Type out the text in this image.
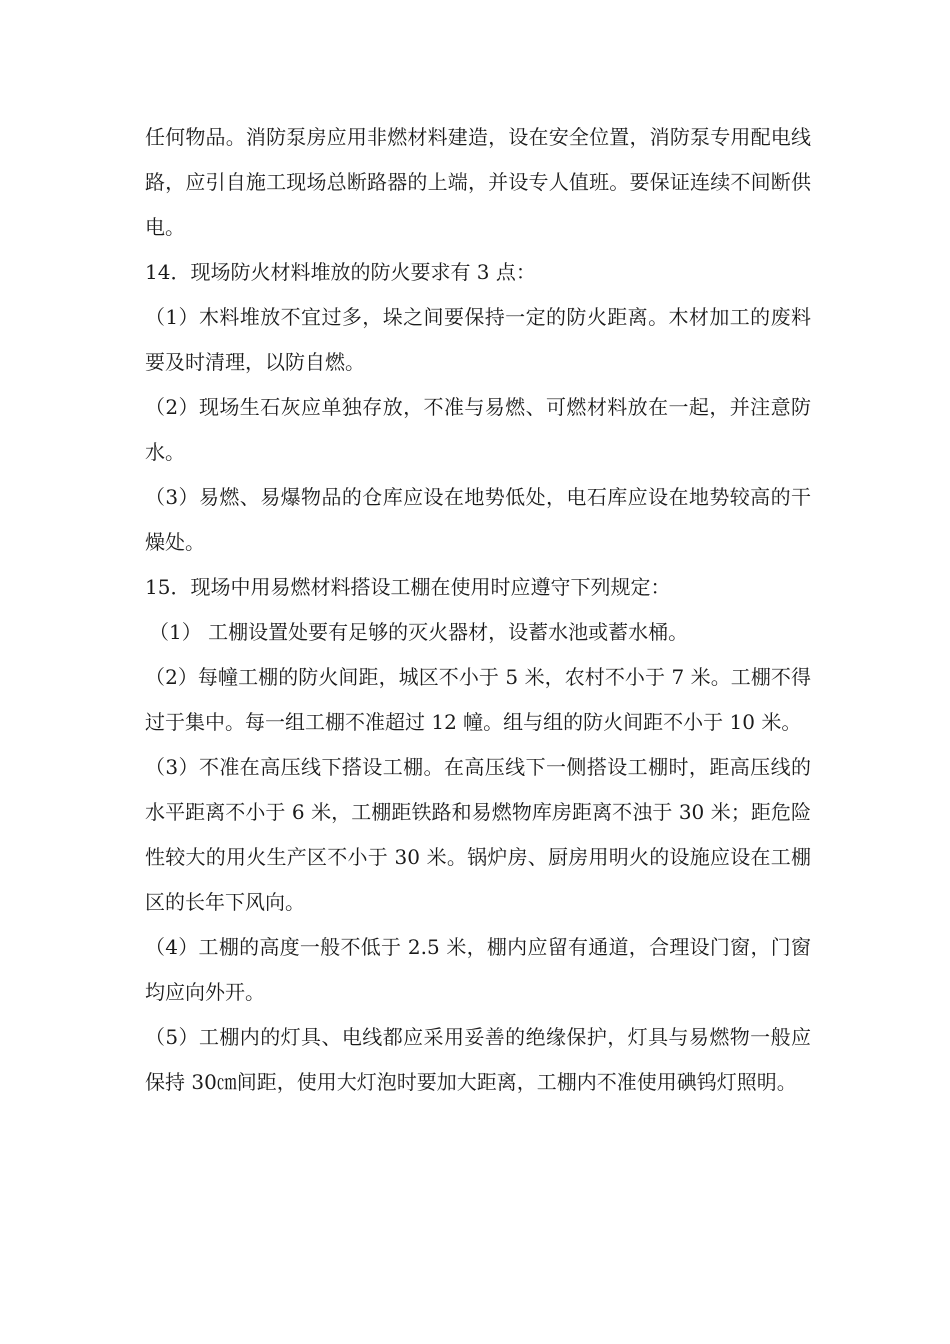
任何物品。消防泵房应用非燃材料建造，设在安全位置，消防泵专用配电线路，应引自施工现场总断路器的上端，并设专人值班。要保证连续不间断供电。

14．现场防火材料堆放的防火要求有 3 点：

（1）木料堆放不宜过多，垛之间要保持一定的防火距离。木材加工的废料要及时清理，以防自燃。

（2）现场生石灰应单独存放，不准与易燃、可燃材料放在一起，并注意防水。

（3）易燃、易爆物品的仓库应设在地势低处，电石库应设在地势较高的干燥处。

15．现场中用易燃材料搭设工棚在使用时应遵守下列规定：

（1） 工棚设置处要有足够的灭火器材，设蓄水池或蓄水桶。

（2）每幢工棚的防火间距，城区不小于 5 米，农村不小于 7 米。工棚不得过于集中。每一组工棚不准超过 12 幢。组与组的防火间距不小于 10 米。

（3）不准在高压线下搭设工棚。在高压线下一侧搭设工棚时，距高压线的水平距离不小于 6 米，工棚距铁路和易燃物库房距离不浊于 30 米；距危险性较大的用火生产区不小于 30 米。锅炉房、厨房用明火的设施应设在工棚区的长年下风向。

（4）工棚的高度一般不低于 2.5 米，棚内应留有通道，合理设门窗，门窗均应向外开。

（5）工棚内的灯具、电线都应采用妥善的绝缘保护，灯具与易燃物一般应保持 30㎝间距，使用大灯泡时要加大距离，工棚内不准使用碘钨灯照明。
